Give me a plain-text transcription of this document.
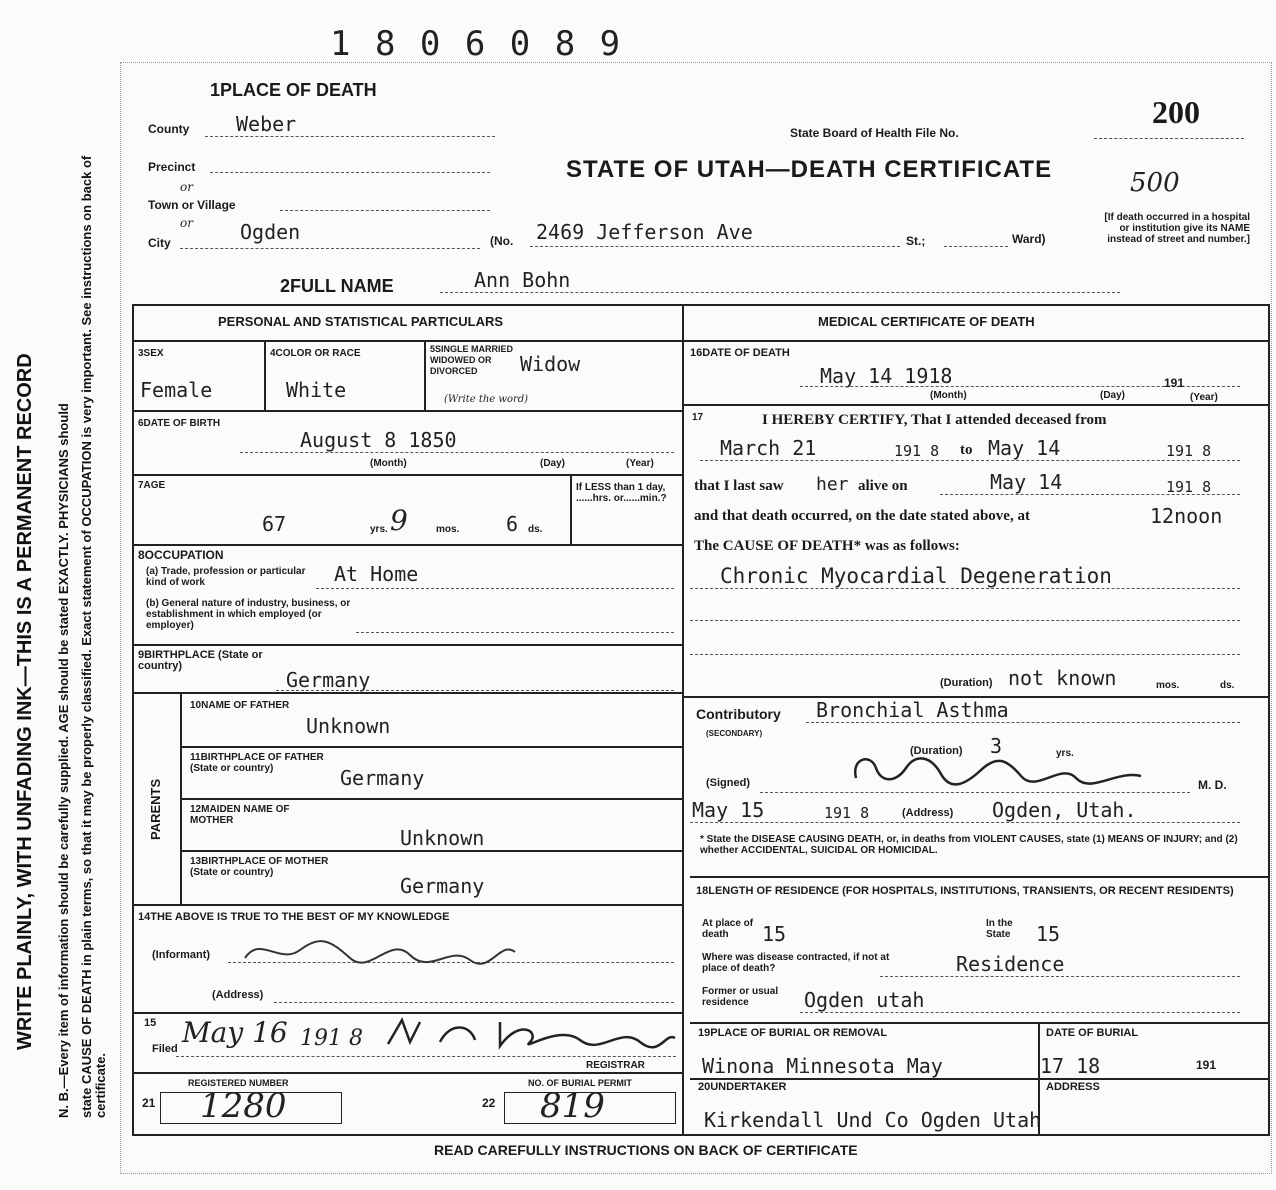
1 8 0 6 0 8 9
WRITE PLAINLY, WITH UNFADING INK—THIS IS A PERMANENT RECORD N. B.—Every item of information should be carefully supplied. AGE should be stated EXACTLY. PHYSICIANS should state CAUSE OF DEATH in plain terms, so that it may be properly classified. Exact statement of OCCUPATION is very important. See instructions on back of certificate.
1PLACE OF DEATH
County Weber
Precinct
or
Town or Village
or
City	Ogden	(No. 2469 Jefferson Ave	St.;	Ward)
State Board of Health File No.
200
STATE OF UTAH—DEATH CERTIFICATE	500
[If death occurred in a hospital or institution give its NAME instead of street and number.]
2FULL NAME	Ann Bohn
PERSONAL AND STATISTICAL PARTICULARS	MEDICAL CERTIFICATE OF DEATH
3SEX
Female
4COLOR OR RACE
White
5SINGLE MARRIED WIDOWED OR DIVORCED	Widow
(Write the word)
6DATE OF BIRTH
August 8 1850
(Month)	(Day)	(Year)
7AGE
67	yrs. 9	mos. 6 ds.
If LESS than 1 day, ......hrs. or......min.?
8OCCUPATION
(a) Trade, profession or particular kind of work	At Home
(b) General nature of industry, business, or establishment in which employed (or employer)
9BIRTHPLACE (State or country)
Germany
PARENTS
10NAME OF FATHER
Unknown
11BIRTHPLACE OF FATHER (State or country)	Germany
12MAIDEN NAME OF MOTHER
Unknown
13BIRTHPLACE OF MOTHER (State or country)
Germany
14THE ABOVE IS TRUE TO THE BEST OF MY KNOWLEDGE
(Informant)
(Address)
15
Filed May 16 191 8
REGISTRAR
REGISTERED NUMBER
21 1280
NO. OF BURIAL PERMIT
22 819
16DATE OF DEATH
May 14 1918
(Month)	(Day)
191
(Year)
17	I HEREBY CERTIFY, That I attended deceased from
March 21	191 8 to May 14	191 8
that I last saw her alive on	May 14	191 8
and that death occurred, on the date stated above, at	12noon
The CAUSE OF DEATH* was as follows:
Chronic Myocardial Degeneration
(Duration) not known	mos.	ds.
Contributory
(SECONDARY)
Bronchial Asthma
(Duration) 3	yrs.
(Signed)	M. D.
May 15	191 8	(Address) Ogden, Utah.
* State the DISEASE CAUSING DEATH, or, in deaths from VIOLENT CAUSES, state (1) MEANS OF INJURY; and (2) whether ACCIDENTAL, SUICIDAL OR HOMICIDAL.
18LENGTH OF RESIDENCE (FOR HOSPITALS, INSTITUTIONS, TRANSIENTS, OR RECENT RESIDENTS)
At place of death	15	In the State	15
Where was disease contracted, if not at place of death?	Residence
Former or usual residence	Ogden utah
19PLACE OF BURIAL OR REMOVAL
Winona Minnesota May
DATE OF BURIAL
17 18	191
20UNDERTAKER	ADDRESS
Kirkendall Und Co Ogden Utah
READ CAREFULLY INSTRUCTIONS ON BACK OF CERTIFICATE
